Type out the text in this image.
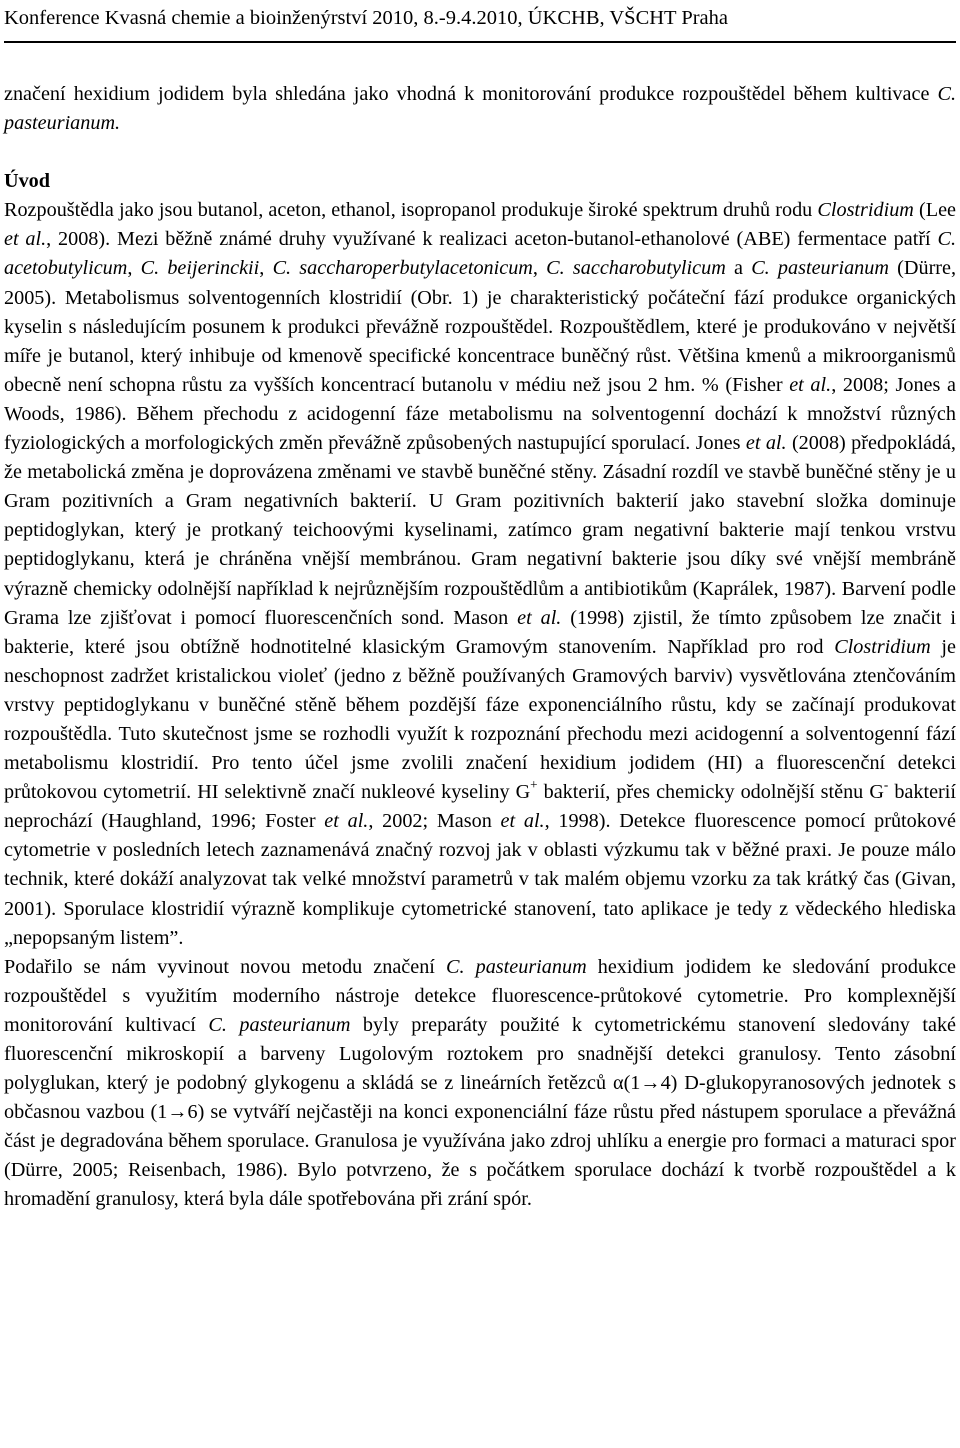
Konference Kvasná chemie a bioinženýrství 2010, 8.-9.4.2010, ÚKCHB, VŠCHT Praha

značení hexidium jodidem byla shledána jako vhodná k monitorování produkce rozpouštědel během kultivace C. pasteurianum.

Úvod

Rozpouštědla jako jsou butanol, aceton, ethanol, isopropanol produkuje široké spektrum druhů rodu Clostridium (Lee et al., 2008). Mezi běžně známé druhy využívané k realizaci aceton-butanol-ethanolové (ABE) fermentace patří C. acetobutylicum, C. beijerinckii, C. saccharoperbutylacetonicum, C. saccharobutylicum a C. pasteurianum (Dürre, 2005). Metabolismus solventogenních klostridií (Obr. 1) je charakteristický počáteční fází produkce organických kyselin s následujícím posunem k produkci převážně rozpouštědel. Rozpouštědlem, které je produkováno v největší míře je butanol, který inhibuje od kmenově specifické koncentrace buněčný růst. Většina kmenů a mikroorganismů obecně není schopna růstu za vyšších koncentrací butanolu v médiu než jsou 2 hm. % (Fisher et al., 2008; Jones a Woods, 1986). Během přechodu z acidogenní fáze metabolismu na solventogenní dochází k množství různých fyziologických a morfologických změn převážně způsobených nastupující sporulací. Jones et al. (2008) předpokládá, že metabolická změna je doprovázena změnami ve stavbě buněčné stěny. Zásadní rozdíl ve stavbě buněčné stěny je u Gram pozitivních a Gram negativních bakterií. U Gram pozitivních bakterií jako stavební složka dominuje peptidoglykan, který je protkaný teichoovými kyselinami, zatímco gram negativní bakterie mají tenkou vrstvu peptidoglykanu, která je chráněna vnější membránou. Gram negativní bakterie jsou díky své vnější membráně výrazně chemicky odolnější například k nejrůznějším rozpouštědlům a antibiotikům (Kaprálek, 1987). Barvení podle Grama lze zjišťovat i pomocí fluorescenčních sond. Mason et al. (1998) zjistil, že tímto způsobem lze značit i bakterie, které jsou obtížně hodnotitelné klasickým Gramovým stanovením. Například pro rod Clostridium je neschopnost zadržet kristalickou violeť (jedno z běžně používaných Gramových barviv) vysvětlována ztenčováním vrstvy peptidoglykanu v buněčné stěně během pozdější fáze exponenciálního růstu, kdy se začínají produkovat rozpouštědla. Tuto skutečnost jsme se rozhodli využít k rozpoznání přechodu mezi acidogenní a solventogenní fází metabolismu klostridií. Pro tento účel jsme zvolili značení hexidium jodidem (HI) a fluorescenční detekci průtokovou cytometrií. HI selektivně značí nukleové kyseliny G+ bakterií, přes chemicky odolnější stěnu G- bakterií neprochází (Haughland, 1996; Foster et al., 2002; Mason et al., 1998). Detekce fluorescence pomocí průtokové cytometrie v posledních letech zaznamenává značný rozvoj jak v oblasti výzkumu tak v běžné praxi. Je pouze málo technik, které dokáží analyzovat tak velké množství parametrů v tak malém objemu vzorku za tak krátký čas (Givan, 2001). Sporulace klostridií výrazně komplikuje cytometrické stanovení, tato aplikace je tedy z vědeckého hlediska „nepopsaným listem”.

Podařilo se nám vyvinout novou metodu značení C. pasteurianum hexidium jodidem ke sledování produkce rozpouštědel s využitím moderního nástroje detekce fluorescence-průtokové cytometrie. Pro komplexnější monitorování kultivací C. pasteurianum byly preparáty použité k cytometrickému stanovení sledovány také fluorescenční mikroskopií a barveny Lugolovým roztokem pro snadnější detekci granulosy. Tento zásobní polyglukan, který je podobný glykogenu a skládá se z lineárních řetězců α(1→4) D-glukopyranosových jednotek s občasnou vazbou (1→6) se vytváří nejčastěji na konci exponenciální fáze růstu před nástupem sporulace a převážná část je degradována během sporulace. Granulosa je využívána jako zdroj uhlíku a energie pro formaci a maturaci spor (Dürre, 2005; Reisenbach, 1986). Bylo potvrzeno, že s počátkem sporulace dochází k tvorbě rozpouštědel a k hromadění granulosy, která byla dále spotřebována při zrání spór.
